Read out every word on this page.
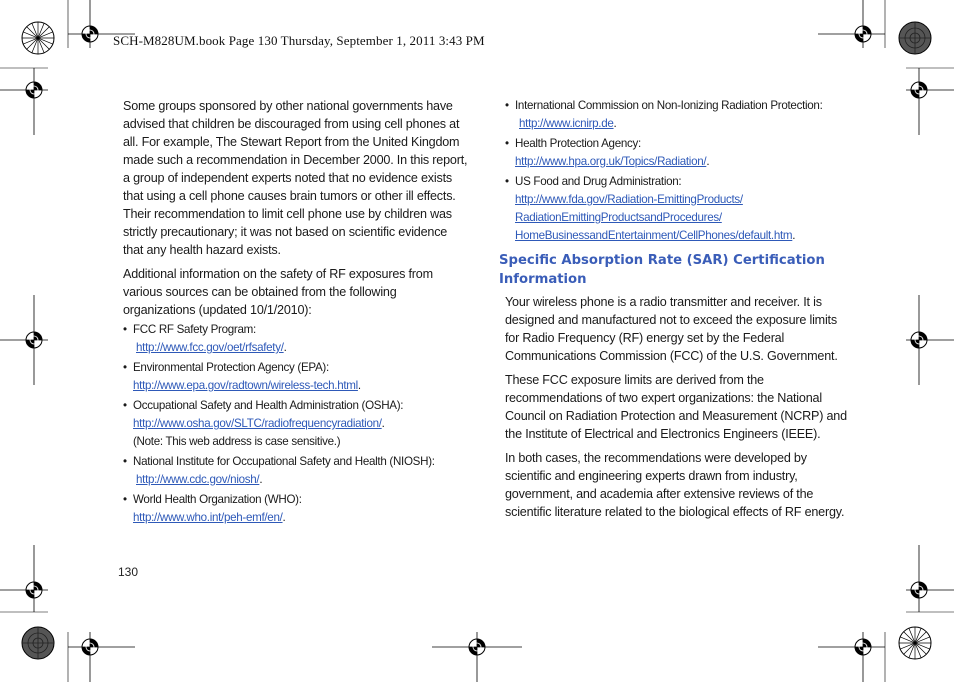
SCH-M828UM.book Page 130 Thursday, September 1, 2011 3:43 PM

Some groups sponsored by other national governments have advised that children be discouraged from using cell phones at all. For example, The Stewart Report from the United Kingdom made such a recommendation in December 2000. In this report, a group of independent experts noted that no evidence exists that using a cell phone causes brain tumors or other ill effects. Their recommendation to limit cell phone use by children was strictly precautionary; it was not based on scientific evidence that any health hazard exists.

Additional information on the safety of RF exposures from various sources can be obtained from the following organizations (updated 10/1/2010):

• FCC RF Safety Program:
http://www.fcc.gov/oet/rfsafety/.
• Environmental Protection Agency (EPA):
http://www.epa.gov/radtown/wireless-tech.html.
• Occupational Safety and Health Administration (OSHA):
http://www.osha.gov/SLTC/radiofrequencyradiation/.
(Note: This web address is case sensitive.)
• National Institute for Occupational Safety and Health (NIOSH):
http://www.cdc.gov/niosh/.
• World Health Organization (WHO):
http://www.who.int/peh-emf/en/.
• International Commission on Non-Ionizing Radiation Protection:
http://www.icnirp.de.
• Health Protection Agency:
http://www.hpa.org.uk/Topics/Radiation/.
• US Food and Drug Administration:
http://www.fda.gov/Radiation-EmittingProducts/
RadiationEmittingProductsandProcedures/
HomeBusinessandEntertainment/CellPhones/default.htm.
Specific Absorption Rate (SAR) Certification Information

Your wireless phone is a radio transmitter and receiver. It is designed and manufactured not to exceed the exposure limits for Radio Frequency (RF) energy set by the Federal Communications Commission (FCC) of the U.S. Government.

These FCC exposure limits are derived from the recommendations of two expert organizations: the National Council on Radiation Protection and Measurement (NCRP) and the Institute of Electrical and Electronics Engineers (IEEE).

In both cases, the recommendations were developed by scientific and engineering experts drawn from industry, government, and academia after extensive reviews of the scientific literature related to the biological effects of RF energy.

130
